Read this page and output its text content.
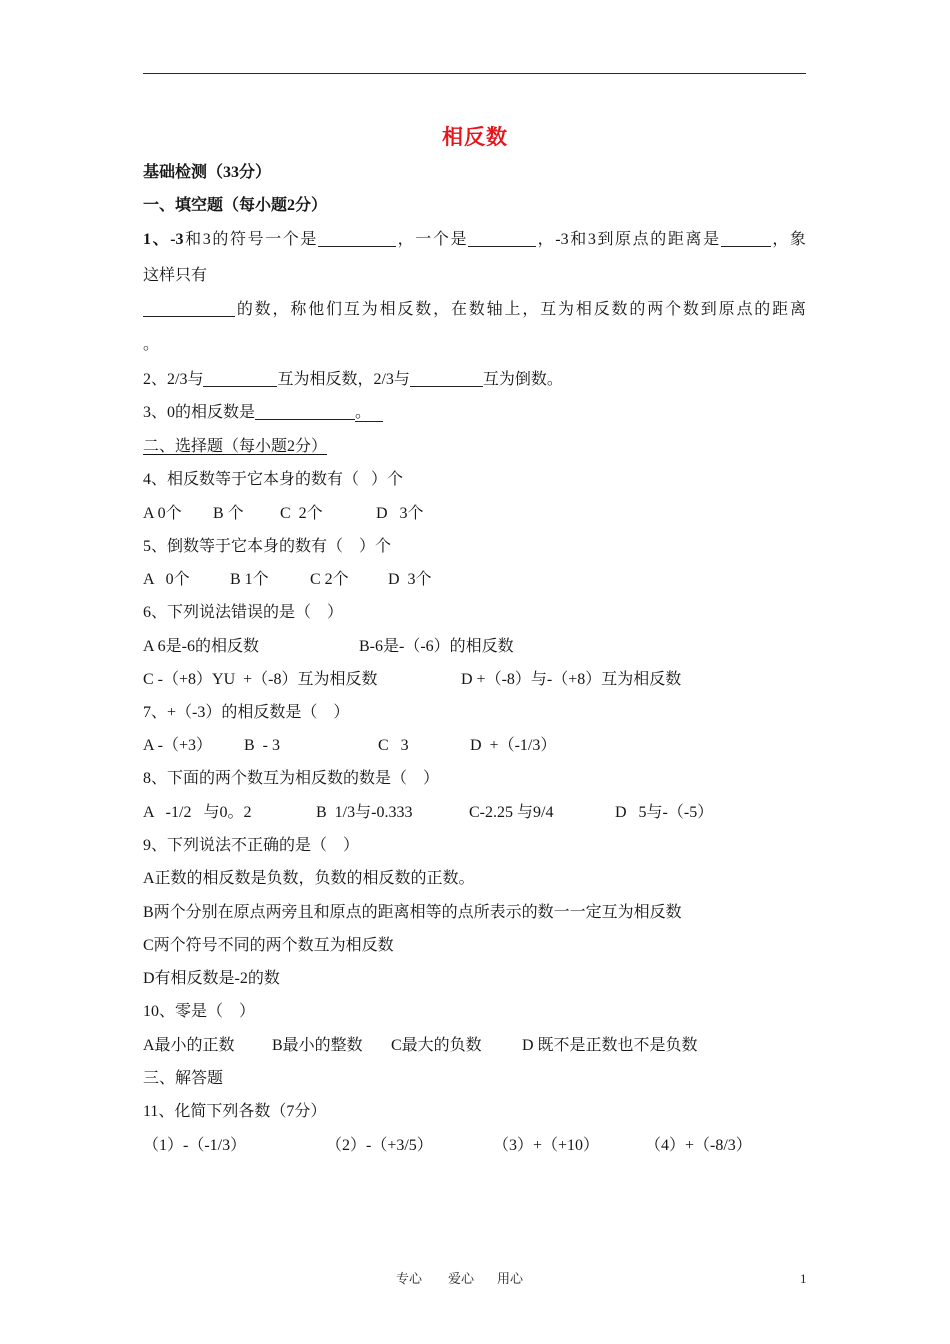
相反数
基础检测（33分）
一、填空题（每小题2分）
1、-3和3的符号一个是	，一个是	，-3和3到原点的距离是	，象
这样只有
的数，称他们互为相反数，在数轴上，互为相反数的两个数到原点的距离
。
2、2/3与	互为相反数，2/3与	互为倒数。
3、0的相反数是	。
二、选择题（每小题2分）
4、相反数等于它本身的数有（   ）个
A 0个 B 个 C  2个	D   3个
5、倒数等于它本身的数有（    ）个
A   0个	B 1个	C 2个 D  3个
6、下列说法错误的是（    ）
A 6是-6的相反数	B-6是-（-6）的相反数
C -（+8）YU  +（-8）互为相反数	D +（-8）与-（+8）互为相反数
7、+（-3）的相反数是（    ）
A -（+3） B  - 3	C   3	D  +（-1/3）
8、下面的两个数互为相反数的数是（    ）
A   -1/2   与0。2	B  1/3与-0.333	C-2.25 与9/4	D   5与-（-5）
9、下列说法不正确的是（    ）
A正数的相反数是负数，负数的相反数的正数。
B两个分别在原点两旁且和原点的距离相等的点所表示的数一一定互为相反数
C两个符号不同的两个数互为相反数
D有相反数是-2的数
10、零是（    ）
A最小的正数 B最小的整数 C最大的负数	D 既不是正数也不是负数
三、解答题
11、化简下列各数（7分）
（1）-（-1/3）	（2）-（+3/5）	（3）+（+10）	（4）+（-8/3）
专心 爱心 用心	1
